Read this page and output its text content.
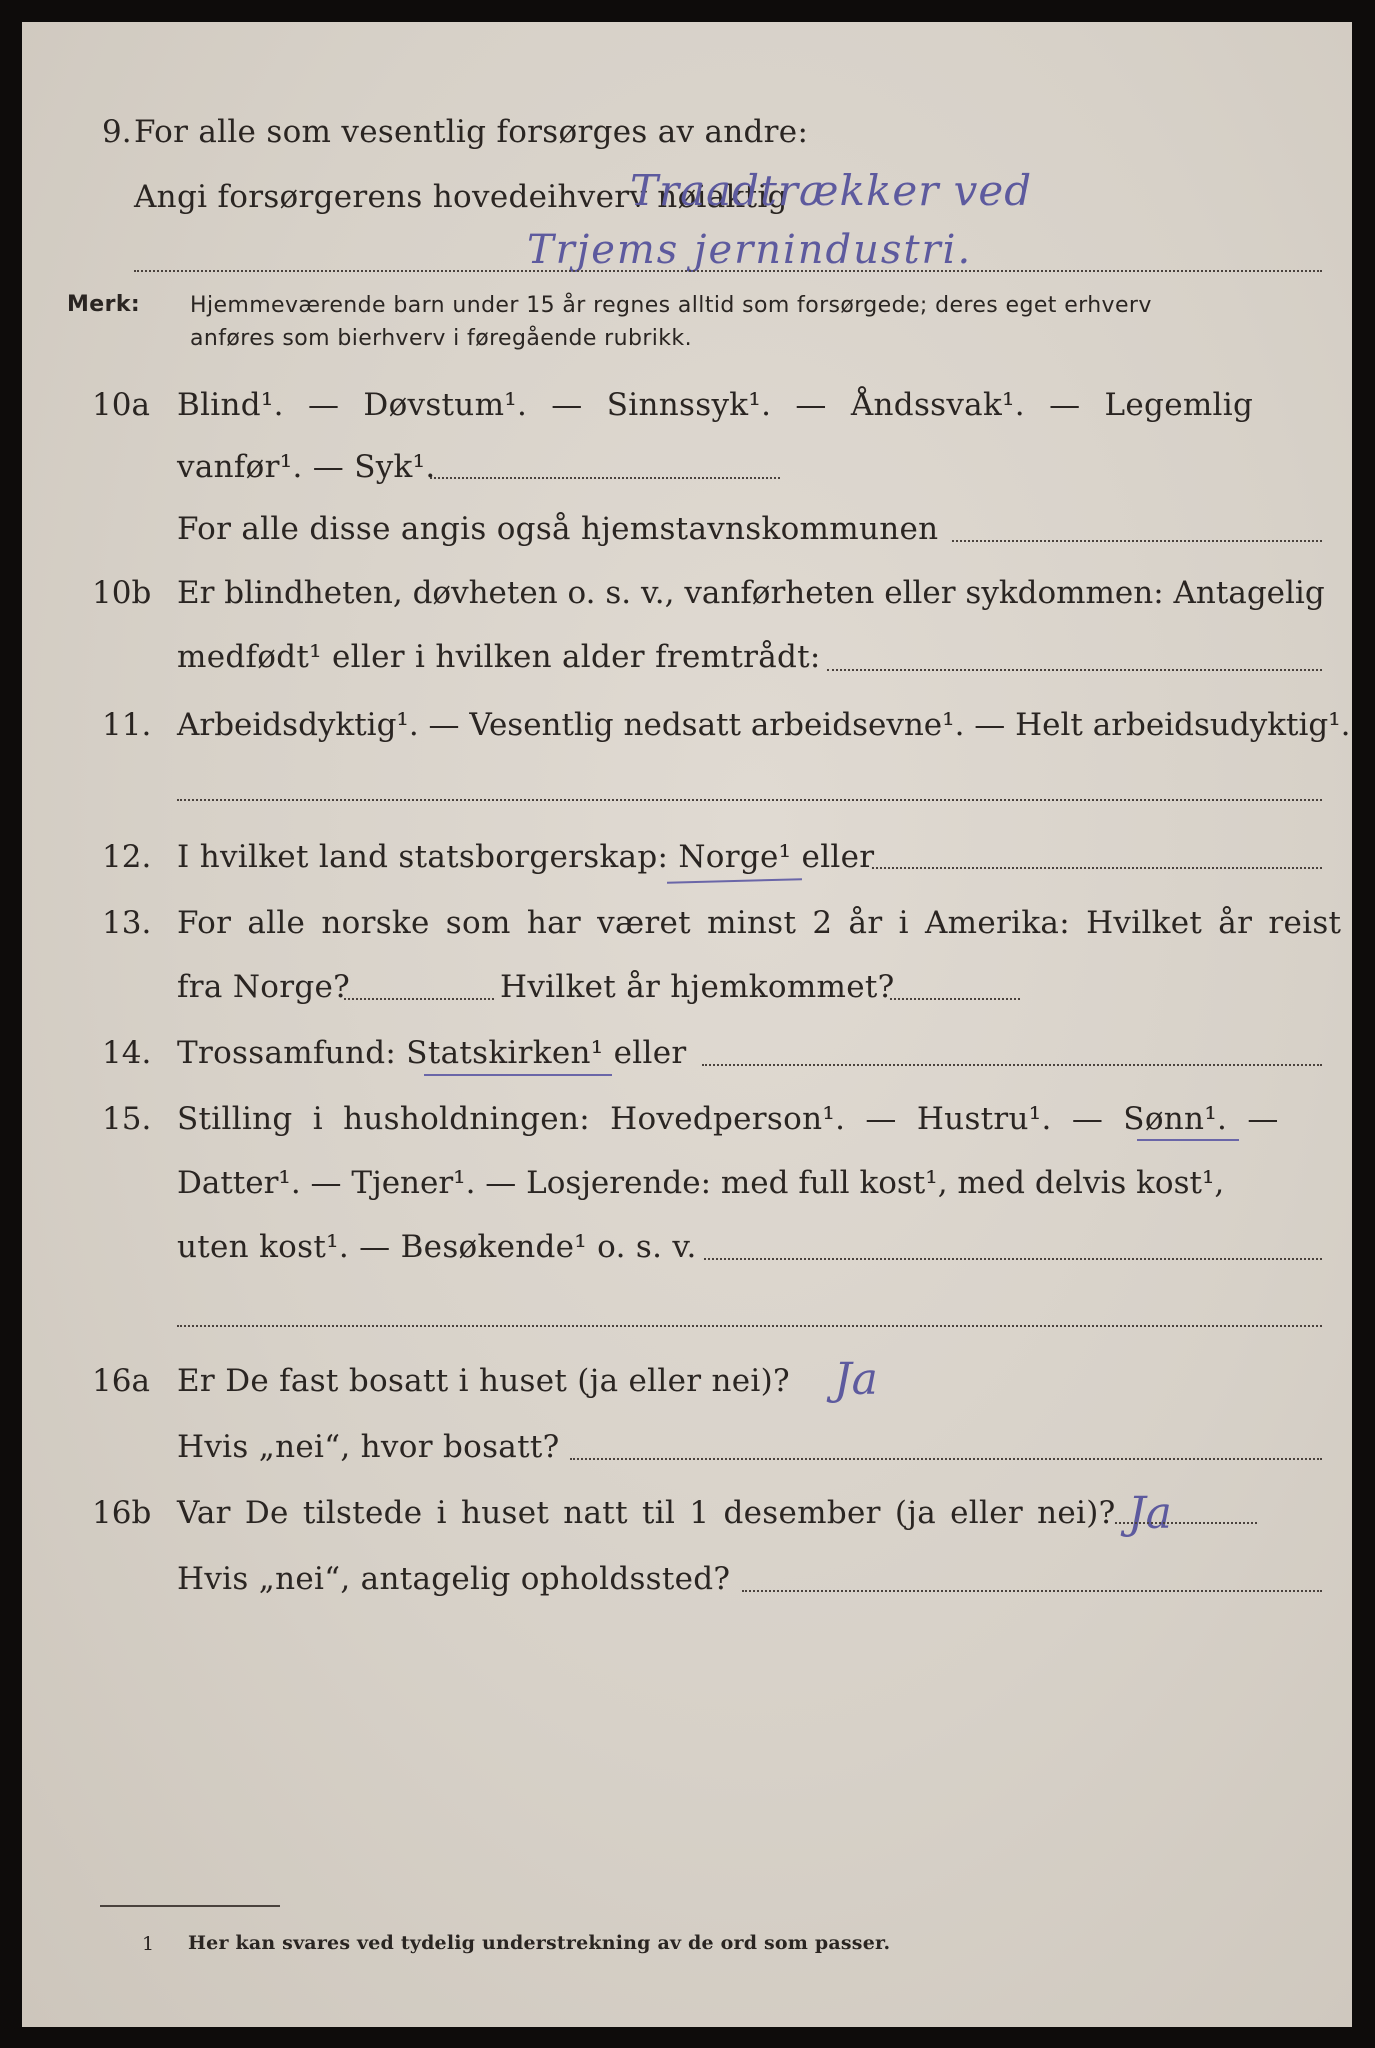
9. For alle som vesentlig forsørges av andre:
Angi forsørgerens hovedeihverv nøiaktig
Traadtrækker ved
Trjems jernindustri.
Merk: Hjemmeværende barn under 15 år regnes alltid som forsørgede; deres eget erhverv
anføres som bierhverv i føregående rubrikk.
10a Blind¹. — Døvstum¹. — Sinnssyk¹. — Åndssvak¹. — Legemlig
vanfør¹. — Syk¹.
For alle disse angis også hjemstavnskommunen
10b Er blindheten, døvheten o. s. v., vanførheten eller sykdommen: Antagelig
medfødt¹ eller i hvilken alder fremtrådt:
11. Arbeidsdyktig¹. — Vesentlig nedsatt arbeidsevne¹. — Helt arbeidsudyktig¹.
12. I hvilket land statsborgerskap: Norge¹ eller
13. For alle norske som har været minst 2 år i Amerika: Hvilket år reist
fra Norge?	Hvilket år hjemkommet?
14. Trossamfund: Statskirken¹ eller
15. Stilling i husholdningen: Hovedperson¹. — Hustru¹. — Sønn¹. —
Datter¹. — Tjener¹. — Losjerende: med full kost¹, med delvis kost¹,
uten kost¹. — Besøkende¹ o. s. v.
16a Er De fast bosatt i huset (ja eller nei)? Ja
Hvis „nei“, hvor bosatt?
16b Var De tilstede i huset natt til 1 desember (ja eller nei)? Ja
Hvis „nei“, antagelig opholdssted?
1 Her kan svares ved tydelig understrekning av de ord som passer.
